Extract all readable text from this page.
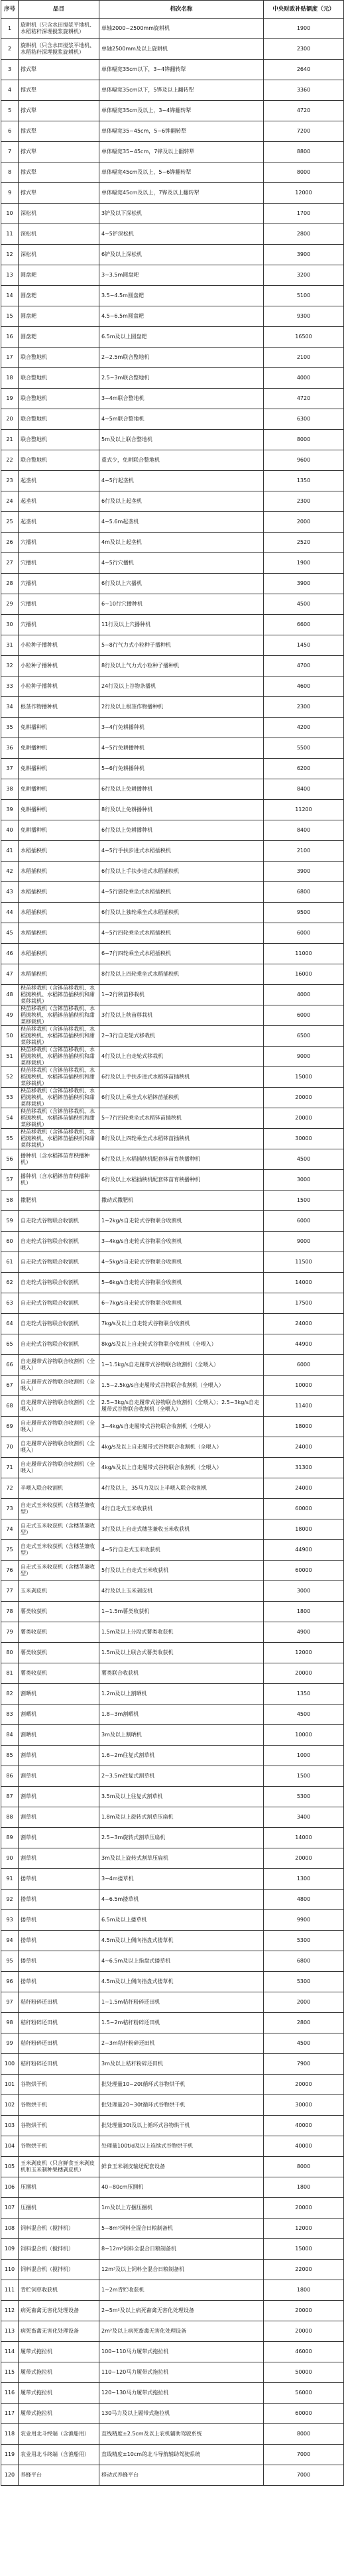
序号	品目	档次名称	中央财政补贴额度（元）
1	旋耕机（只含水田搅浆平地机、水稻秸秆深埋搅浆旋耕机）	单轴2000~2500mm旋耕机	1900
2	旋耕机（只含水田搅浆平地机、水稻秸秆深埋搅浆旋耕机）	单轴2500mm及以上旋耕机	2300
3	撑式犁	单体幅宽35cm以下，3~4铧翻转犁	2640
4	撑式犁	单体幅宽35cm以下，5铧及以上翻转犁	3360
5	撑式犁	单体幅宽35cm及以上，3~4铧翻转犁	4720
6	撑式犁	单体幅宽35~45cm，5~6铧翻转犁	7200
7	撑式犁	单体幅宽35~45cm，7铧及以上翻转犁	8800
8	撑式犁	单体幅宽45cm及以上，5~6铧翻转犁	8000
9	撑式犁	单体幅宽45cm及以上，7铧及以上翻转犁	12000
10	深松机	3铲及以下深松机	1700
11	深松机	4~5铲深松机	2800
12	深松机	6铲及以上深松机	3900
13	圆盘耙	3~3.5m圆盘耙	3200
14	圆盘耙	3.5~4.5m圆盘耙	5100
15	圆盘耙	4.5~6.5m圆盘耙	9300
16	圆盘耙	6.5m及以上圆盘耙	16500
17	联合整地机	2~2.5m联合整地机	2100
18	联合整地机	2.5~3m联合整地机	4000
19	联合整地机	3~4m联合整地机	4720
20	联合整地机	4~5m联合整地机	6300
21	联合整地机	5m及以上联合整地机	8000
22	联合整地机	重式少，免耕联合整地机	9600
23	起垄机	4~5行起垄机	1350
24	起垄机	6行及以上起垄机	2300
25	起垄机	4~5.6m起垄机	2000
26	穴播机	4m及以上起垄机	2520
27	穴播机	4~5行穴播机	1900
28	穴播机	6行及以上穴播机	3900
29	穴播机	6~10行穴播种机	4500
30	穴播机	11行及以上穴播种机	6600
31	小粒种子播种机	5~8行气力式小粒种子播种机	1450
32	小粒种子播种机	8行及以上气力式小粒种子播种机	4700
33	小粒种子播种机	24行及以上谷物条播机	4600
34	根茎作物播种机	2行及以上根茎作物播种机	2300
35	免耕播种机	3~4行免耕播种机	4200
36	免耕播种机	4~5行免耕播种机	5500
37	免耕播种机	5~6行免耕播种机	6200
38	免耕播种机	6行及以上免耕播种机	8400
39	免耕播种机	8行及以上免耕播种机	11200
40	免耕播种机	6行及以上免耕播种机	8400
41	水稻插秧机	4~5行手扶步进式水稻插秧机	2100
42	水稻插秧机	6行及以上手扶步进式水稻插秧机	3900
43	水稻插秧机	4~5行独轮乘坐式水稻插秧机	6800
44	水稻插秧机	6行及以上独轮乘坐式水稻插秧机	9500
45	水稻插秧机	4~5行四轮乘坐式水稻插秧机	6000
46	水稻插秧机	6~7行四轮乘坐式水稻插秧机	11000
47	水稻插秧机	8行及以上四轮乘坐式水稻插秧机	16000
48	秧苗移栽机（含钵苗移栽机、水稻抛秧机、水稻钵苗插秧机和甜菜移栽机）	1~2行秧苗移栽机	4000
49	秧苗移栽机（含钵苗移栽机、水稻抛秧机、水稻钵苗插秧机和甜菜移栽机）	3行及以上秧苗移栽机	6000
50	秧苗移栽机（含钵苗移栽机、水稻抛秧机、水稻钵苗插秧机和甜菜移栽机）	2~3行自走轮式移栽机	6500
51	秧苗移栽机（含钵苗移栽机、水稻抛秧机、水稻钵苗插秧机和甜菜移栽机）	4行及以上自走轮式移栽机	9000
52	秧苗移栽机（含钵苗移栽机、水稻抛秧机、水稻钵苗插秧机和甜菜移栽机）	6行及以上手扶步进式水稻钵苗插秧机	15000
53	秧苗移栽机（含钵苗移栽机、水稻抛秧机、水稻钵苗插秧机和甜菜移栽机）	6行及以上乘坐式水稻钵苗插秧机	20000
54	秧苗移栽机（含钵苗移栽机、水稻抛秧机、水稻钵苗插秧机和甜菜移栽机）	5~7行四轮乘坐式水稻钵苗插秧机	20000
55	秧苗移栽机（含钵苗移栽机、水稻抛秧机、水稻钵苗插秧机和甜菜移栽机）	8行及以上四轮乘坐式水稻钵苗插秧机	30000
56	播种机（含水稻钵苗育秧播种机）	6行及以上水稻插秧机配套钵苗育秧播种机	4500
57	播种机（含水稻钵苗育秧播种机）	6行及以上水稻插秧机配套钵苗育秧播种机	3000
58	撒肥机	撒动式撒肥机	1500
59	自走轮式谷物联合收割机	1~2kg/s自走轮式谷物联合收割机	6000
60	自走轮式谷物联合收割机	3~4kg/s自走轮式谷物联合收割机	9000
61	自走轮式谷物联合收割机	4~5kg/s自走轮式谷物联合收割机	11500
62	自走轮式谷物联合收割机	5~6kg/s自走轮式谷物联合收割机	14000
63	自走轮式谷物联合收割机	6~7kg/s自走轮式谷物联合收割机	17500
64	自走轮式谷物联合收割机	7kg/s及以上自走轮式谷物联合收割机	24000
65	自走轮式谷物联合收割机	8kg/s及以上自走轮式谷物联合收割机（全喂入）	44900
66	自走履带式谷物联合收割机（全喂入）	1~1.5kg/s自走履带式谷物联合收割机（全喂入）	6000
67	自走履带式谷物联合收割机（全喂入）	1.5~2.5kg/s自走履带式谷物联合收割机（全喂入）	10000
68	自走履带式谷物联合收割机（全喂入）	2.5~3kg/s自走履带式谷物联合收割机（全喂入）；2.5~3kg/s自走履带式谷物联合收割机（全喂入）	11400
69	自走履带式谷物联合收割机（全喂入）	3~4kg/s自走履带式谷物联合收割机（全喂入）	18000
70	自走履带式谷物联合收割机（全喂入）	4kg/s及以上自走履带式谷物联合收割机（全喂入）	24000
71	自走履带式谷物联合收割机（全喂入）	4kg/s及以上自走履带式谷物联合收割机（全喂入）	31300
72	半喂入联合收割机	4行及以上，35马力及以上半喂入联合收割机	24000
73	自走式玉米收获机（含穗茎兼收型）	4行自走式玉米收获机	60000
74	自走式玉米收获机（含穗茎兼收型）	3行及以上自走式穗茎兼收玉米收获机	18000
75	自走式玉米收获机（含穗茎兼收型）	4~5行自走式玉米收获机	44900
76	自走式玉米收获机（含穗茎兼收型）	5行及以上自走式玉米收获机	60000
77	玉米剥皮机	4行及以上玉米剥皮机	3000
78	薯类收获机	1~1.5m薯类收获机	1800
79	薯类收获机	1.5m及以上分段式薯类收获机	4900
80	薯类收获机	1.5m及以上联合式薯类收获机	12000
81	薯类收获机	薯类联合收获机	20000
82	割晒机	1.2m及以上割晒机	1350
83	割晒机	1.8~3m割晒机	4500
84	割晒机	3m及以上割晒机	10000
85	割草机	1.6~2m往复式割草机	1000
86	割草机	2~3.5m往复式割草机	1500
87	割草机	3.5m及以上往复式割草机	5300
88	割草机	1.8m及以上旋转式割草压扁机	3400
89	割草机	2.5~3m旋转式割草压扁机	14000
90	割草机	3m及以上旋转式割草压扁机	20000
91	搂草机	3~4m搂草机	1300
92	搂草机	4~6.5m搂草机	4800
93	搂草机	6.5m及以上搂草机	9900
94	搂草机	4.5m及以上侧向指盘式搂草机	5300
95	搂草机	4~6.5m及以上指盘式搂草机	6800
96	搂草机	4.5m及以上侧向指盘式搂草机	5300
97	秸秆粉碎还田机	1~1.5m秸秆粉碎还田机	2000
98	秸秆粉碎还田机	1.5~2m秸秆粉碎还田机	2800
99	秸秆粉碎还田机	2~3m秸秆粉碎还田机	4500
100	秸秆粉碎还田机	3m及以上秸秆粉碎还田机	7900
101	谷物烘干机	批处理量10~20t循环式谷物烘干机	20000
102	谷物烘干机	批处理量20~30t循环式谷物烘干机	30000
103	谷物烘干机	批处理量30t及以上循环式谷物烘干机	40000
104	谷物烘干机	处理量100t/d及以上连续式谷物烘干机	40000
105	玉米剥皮机（只含鲜食玉米剥皮机和玉米制种果穗剥皮机）	鲜食玉米剥皮输送配套设备	8000
106	压捆机	40~80cm压捆机	1800
107	压捆机	1m及以上方捆压捆机	20000
108	饲料混合机（搅拌机）	5~8m³饲料全混合日粮制备机	12000
109	饲料混合机（搅拌机）	8~12m³饲料全混合日粮制备机	15000
110	饲料混合机（搅拌机）	12m³及以上饲料全混合日粮制备机	22000
111	青贮饲草收获机	1~2m青贮收获机	1800
112	病死畜禽无害化处理设备	2~5m²及以上病死畜禽无害化处理设备	20000
113	病死畜禽无害化处理设备	2m²及以上病死畜禽无害化处理设备	20000
114	履带式拖拉机	100~110马力履带式拖拉机	46000
115	履带式拖拉机	110~120马力履带式拖拉机	50000
116	履带式拖拉机	120~130马力履带式拖拉机	56000
117	履带式拖拉机	130马力及以上履带式拖拉机	60000
118	农业用北斗终端（含渔船用）	直线精度±2.5cm及以上农机辅助驾驶系统	8000
119	农业用北斗终端（含渔船用）	直线精度±10cm的北斗导航辅助驾驶系统	7000
120	养蜂平台	移动式养蜂平台	7000
